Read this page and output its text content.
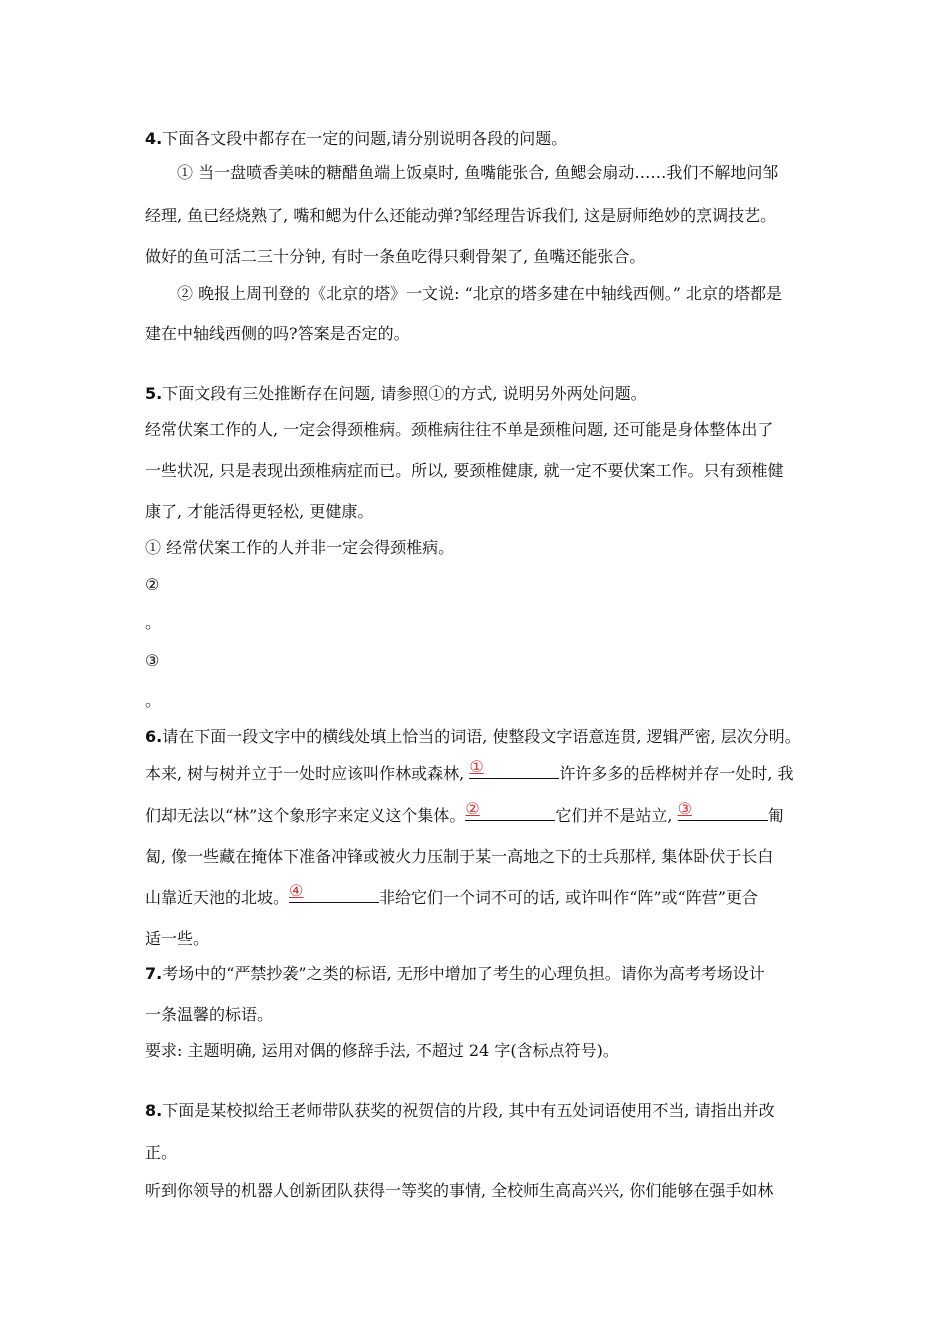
4.下面各文段中都存在一定的问题,请分别说明各段的问题。
① 当一盘喷香美味的糖醋鱼端上饭桌时, 鱼嘴能张合, 鱼鳃会扇动……我们不解地问邹
经理, 鱼已经烧熟了, 嘴和鳃为什么还能动弹?邹经理告诉我们, 这是厨师绝妙的烹调技艺。
做好的鱼可活二三十分钟, 有时一条鱼吃得只剩骨架了, 鱼嘴还能张合。
② 晚报上周刊登的《北京的塔》一文说: “北京的塔多建在中轴线西侧。” 北京的塔都是
建在中轴线西侧的吗?答案是否定的。
5.下面文段有三处推断存在问题, 请参照①的方式, 说明另外两处问题。
经常伏案工作的人, 一定会得颈椎病。颈椎病往往不单是颈椎问题, 还可能是身体整体出了
一些状况, 只是表现出颈椎病症而已。所以, 要颈椎健康, 就一定不要伏案工作。只有颈椎健
康了, 才能活得更轻松, 更健康。
① 经常伏案工作的人并非一定会得颈椎病。
②
。
③
。
6.请在下面一段文字中的横线处填上恰当的词语, 使整段文字语意连贯, 逻辑严密, 层次分明。
本来, 树与树并立于一处时应该叫作林或森林, ①	许许多多的岳桦树并存一处时, 我
们却无法以“林”这个象形字来定义这个集体。 ②	它们并不是站立, ③	匍
匐, 像一些藏在掩体下准备冲锋或被火力压制于某一高地之下的士兵那样, 集体卧伏于长白
山靠近天池的北坡。 ④	非给它们一个词不可的话, 或许叫作“阵”或“阵营”更合
适一些。
7.考场中的“严禁抄袭”之类的标语, 无形中增加了考生的心理负担。请你为高考考场设计
一条温馨的标语。
要求: 主题明确, 运用对偶的修辞手法, 不超过 24 字(含标点符号)。
8.下面是某校拟给王老师带队获奖的祝贺信的片段, 其中有五处词语使用不当, 请指出并改
正。
听到你领导的机器人创新团队获得一等奖的事情, 全校师生高高兴兴, 你们能够在强手如林
